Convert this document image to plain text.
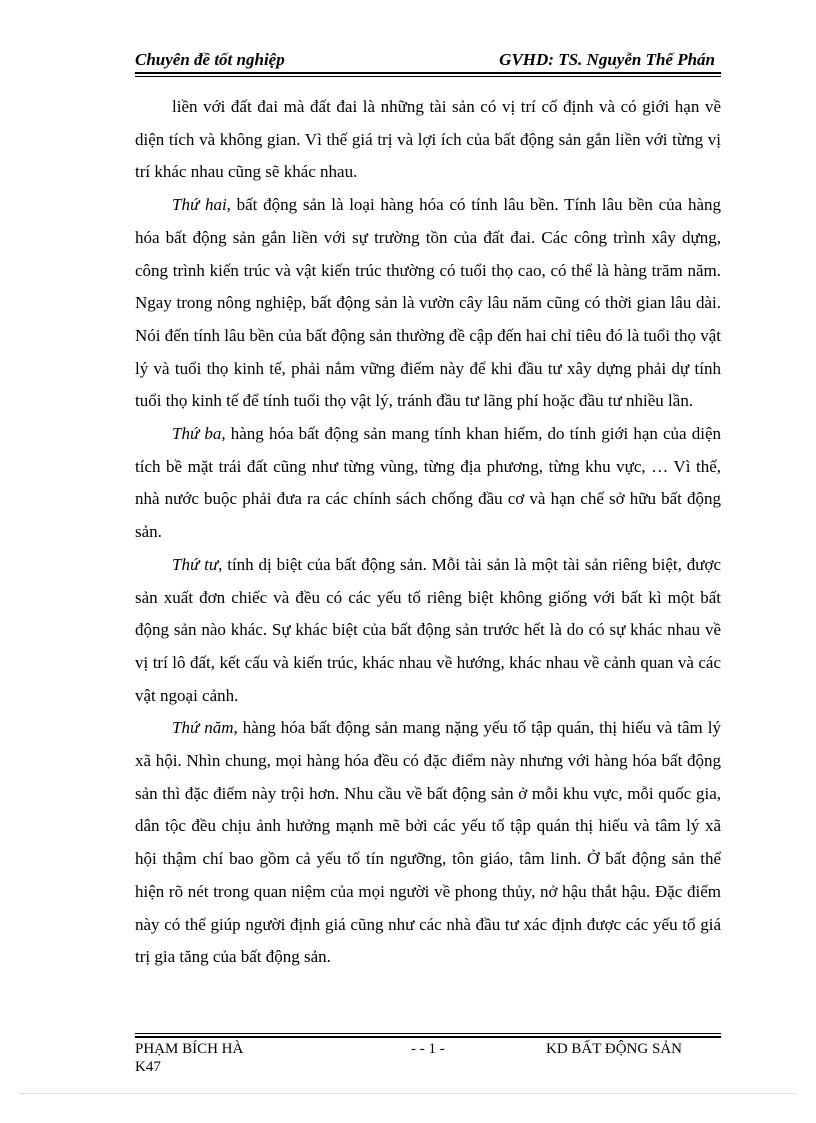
Chuyên đề tốt nghiệp	GVHD: TS. Nguyễn Thế Phán

liền với đất đai mà đất đai là những tài sản có vị trí cố định và có giới hạn về diện tích và không gian. Vì thế giá trị và lợi ích của bất động sản gắn liền với từng vị trí khác nhau cũng sẽ khác nhau.

Thứ hai, bất động sản là loại hàng hóa có tính lâu bền. Tính lâu bền của hàng hóa bất động sản gắn liền với sự trường tồn của đất đai. Các công trình xây dựng, công trình kiến trúc và vật kiến trúc thường có tuổi thọ cao, có thể là hàng trăm năm. Ngay trong nông nghiệp, bất động sản là vườn cây lâu năm cũng có thời gian lâu dài. Nói đến tính lâu bền của bất động sản thường đề cập đến hai chỉ tiêu đó là tuổi thọ vật lý và tuổi thọ kinh tế, phải nắm vững điểm này để khi đầu tư xây dựng phải dự tính tuổi thọ kinh tế để tính tuổi thọ vật lý, tránh đầu tư lãng phí hoặc đầu tư nhiều lần.

Thứ ba, hàng hóa bất động sản mang tính khan hiếm, do tính giới hạn của diện tích bề mặt trái đất cũng như từng vùng, từng địa phương, từng khu vực, … Vì thế, nhà nước buộc phải đưa ra các chính sách chống đầu cơ và hạn chế sở hữu bất động sản.

Thứ tư, tính dị biệt của bất động sản. Mỗi tài sản là một tài sản riêng biệt, được sản xuất đơn chiếc và đều có các yếu tố riêng biệt không giống với bất kì một bất động sản nào khác. Sự khác biệt của bất động sản trước hết là do có sự khác nhau về vị trí lô đất, kết cấu và kiến trúc, khác nhau về hướng, khác nhau về cảnh quan và các vật ngoại cảnh.

Thứ năm, hàng hóa bất động sản mang nặng yếu tố tập quán, thị hiếu và tâm lý xã hội. Nhìn chung, mọi hàng hóa đều có đặc điểm này nhưng với hàng hóa bất động sản thì đặc điểm này trội hơn. Nhu cầu về bất động sản ở mỗi khu vực, mỗi quốc gia, dân tộc đều chịu ảnh hưởng mạnh mẽ bởi các yếu tố tập quán thị hiếu và tâm lý xã hội thậm chí bao gồm cả yếu tố tín ngưỡng, tôn giáo, tâm linh. Ở bất động sản thể hiện rõ nét trong quan niệm của mọi người về phong thủy, nở hậu thắt hậu. Đặc điểm này có thể giúp người định giá cũng như các nhà đầu tư xác định được các yếu tố giá trị gia tăng của bất động sản.

PHẠM BÍCH HÀ
K47
- - 1 -	KD BẤT ĐỘNG SẢN
